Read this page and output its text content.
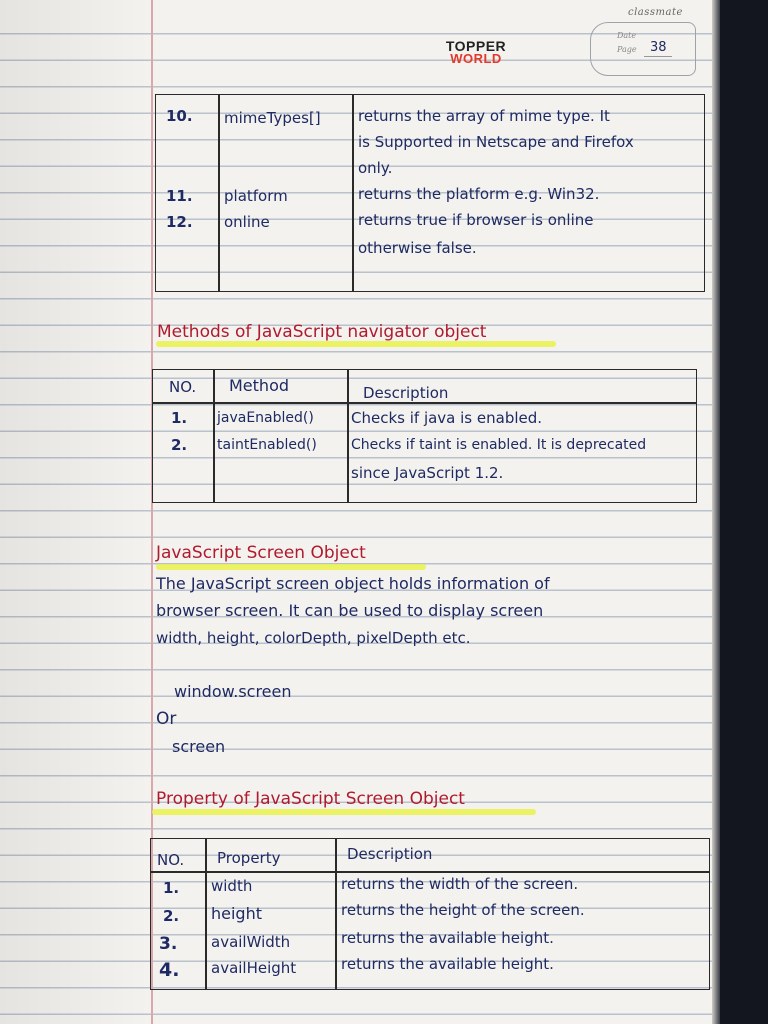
classmate
Date
Page 38
TOPPER
WORLD
10. mimeTypes[] returns the array of mime type. It
is Supported in Netscape and Firefox
only.
11. platform	returns the platform e.g. Win32.
12. online	returns true if browser is online
otherwise false.
Methods of JavaScript navigator object
NO. Method	Description
1. javaEnabled() Checks if java is enabled.
2. taintEnabled() Checks if taint is enabled. It is deprecated
since JavaScript 1.2.
JavaScript Screen Object
The JavaScript screen object holds information of
browser screen. It can be used to display screen
width, height, colorDepth, pixelDepth etc.
window.screen
Or
screen
Property of JavaScript Screen Object
NO. Property	Description
1. width	returns the width of the screen.
2. height	returns the height of the screen.
3. availWidth	returns the available height.
4. availHeight	returns the available height.
